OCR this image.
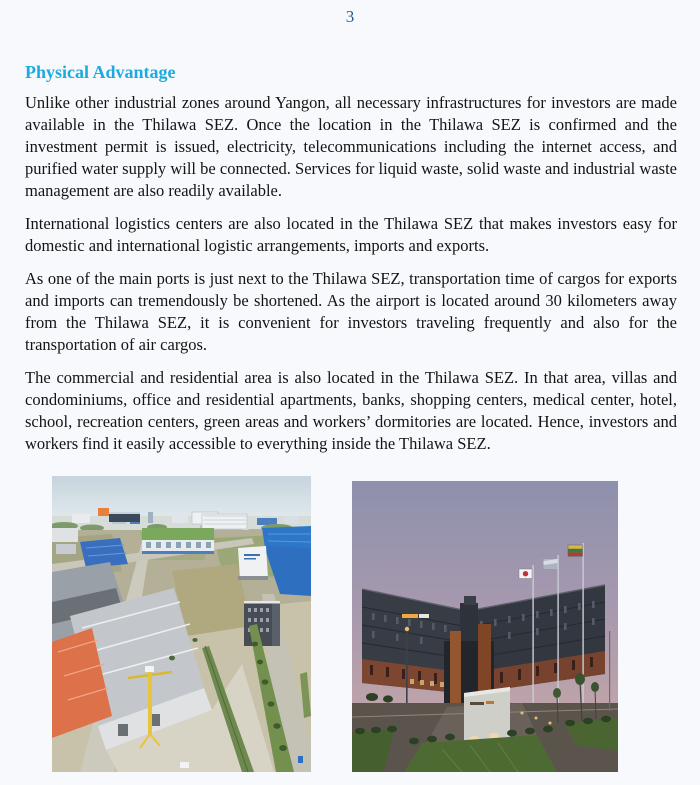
3
Physical Advantage

Unlike other industrial zones around Yangon, all necessary infrastructures for investors are made available in the Thilawa SEZ. Once the location in the Thilawa SEZ is confirmed and the investment permit is issued, electricity, telecommunications including the internet access, and purified water supply will be connected. Services for liquid waste, solid waste and industrial waste management are also readily available.

International logistics centers are also located in the Thilawa SEZ that makes investors easy for domestic and international logistic arrangements, imports and exports.

As one of the main ports is just next to the Thilawa SEZ, transportation time of cargos for exports and imports can tremendously be shortened. As the airport is located around 30 kilometers away from the Thilawa SEZ, it is convenient for investors traveling frequently and also for the transportation of air cargos.

The commercial and residential area is also located in the Thilawa SEZ. In that area, villas and condominiums, office and residential apartments, banks, shopping centers, medical center, hotel, school, recreation centers, green areas and workers’ dormitories are located. Hence, investors and workers find it easily accessible to everything inside the Thilawa SEZ.
